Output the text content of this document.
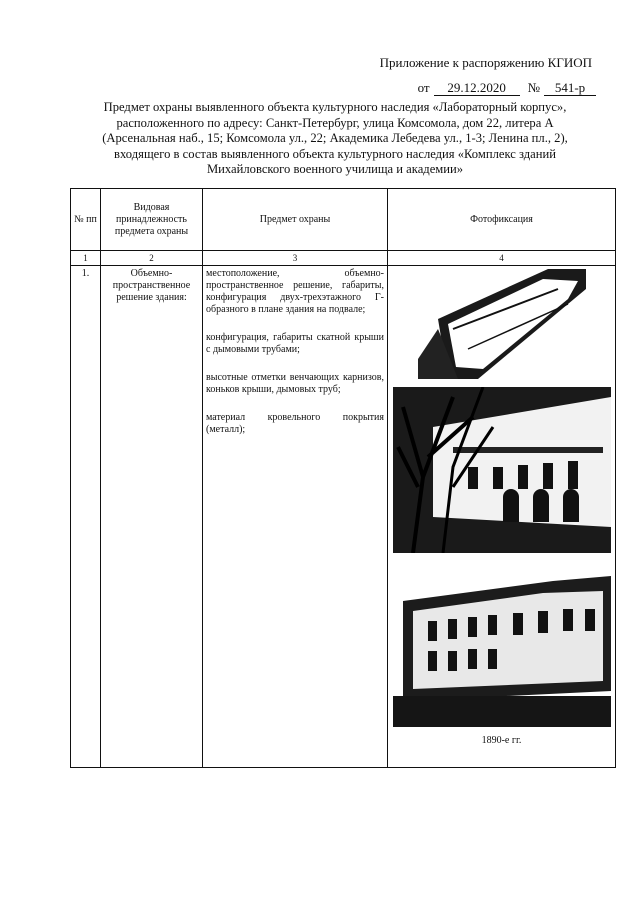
Приложение к распоряжению КГИОП
от	29.12.2020	№	541-р
Предмет охраны выявленного объекта культурного наследия «Лабораторный корпус»,
расположенного по адресу: Санкт-Петербург, улица Комсомола, дом 22, литера А
(Арсенальная наб., 15; Комсомола ул., 22; Академика Лебедева ул., 1-3; Ленина пл., 2),
входящего в состав выявленного объекта культурного наследия «Комплекс зданий
Михайловского военного училища и академии»
№ пп	Видовая принадлежность предмета охраны	Предмет охраны	Фотофиксация
1	2	3	4
1.	Объемно-пространственное решение здания:	местоположение, объемно-пространственное решение, габариты, конфигурация двух-трехэтажного Г-образного в плане здания на подвале;

конфигурация, габариты скатной крыши с дымовыми трубами;

высотные отметки венчающих карнизов, коньков крыши, дымовых труб;

материал кровельного покрытия (металл);	1890-е гг.
